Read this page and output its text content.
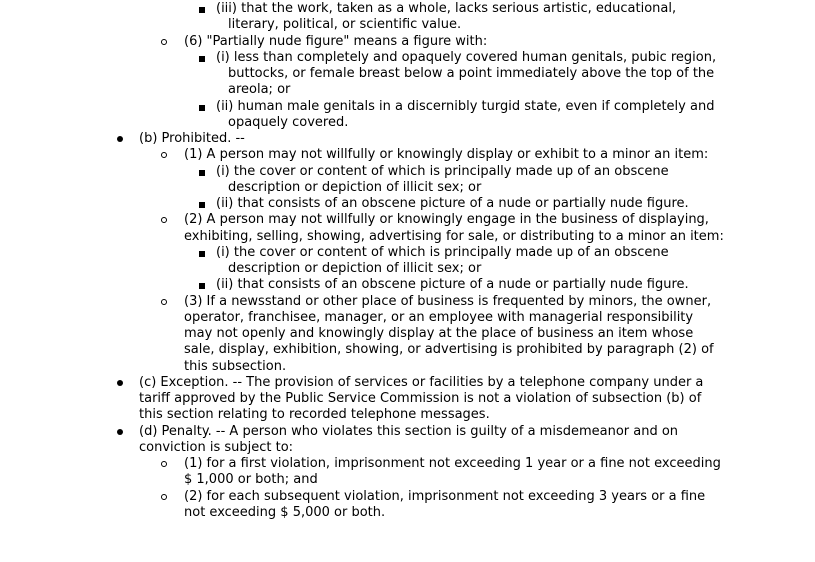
(iii) that the work, taken as a whole, lacks serious artistic, educational, literary, political, or scientific value.
(6) "Partially nude figure" means a figure with:
(i) less than completely and opaquely covered human genitals, pubic region, buttocks, or female breast below a point immediately above the top of the areola; or
(ii) human male genitals in a discernibly turgid state, even if completely and opaquely covered.
(b) Prohibited. --
(1) A person may not willfully or knowingly display or exhibit to a minor an item:
(i) the cover or content of which is principally made up of an obscene description or depiction of illicit sex; or
(ii) that consists of an obscene picture of a nude or partially nude figure.
(2) A person may not willfully or knowingly engage in the business of displaying, exhibiting, selling, showing, advertising for sale, or distributing to a minor an item:
(i) the cover or content of which is principally made up of an obscene description or depiction of illicit sex; or
(ii) that consists of an obscene picture of a nude or partially nude figure.
(3) If a newsstand or other place of business is frequented by minors, the owner, operator, franchisee, manager, or an employee with managerial responsibility may not openly and knowingly display at the place of business an item whose sale, display, exhibition, showing, or advertising is prohibited by paragraph (2) of this subsection.
(c) Exception. -- The provision of services or facilities by a telephone company under a tariff approved by the Public Service Commission is not a violation of subsection (b) of this section relating to recorded telephone messages.
(d) Penalty. -- A person who violates this section is guilty of a misdemeanor and on conviction is subject to:
(1) for a first violation, imprisonment not exceeding 1 year or a fine not exceeding $ 1,000 or both; and
(2) for each subsequent violation, imprisonment not exceeding 3 years or a fine not exceeding $ 5,000 or both.
